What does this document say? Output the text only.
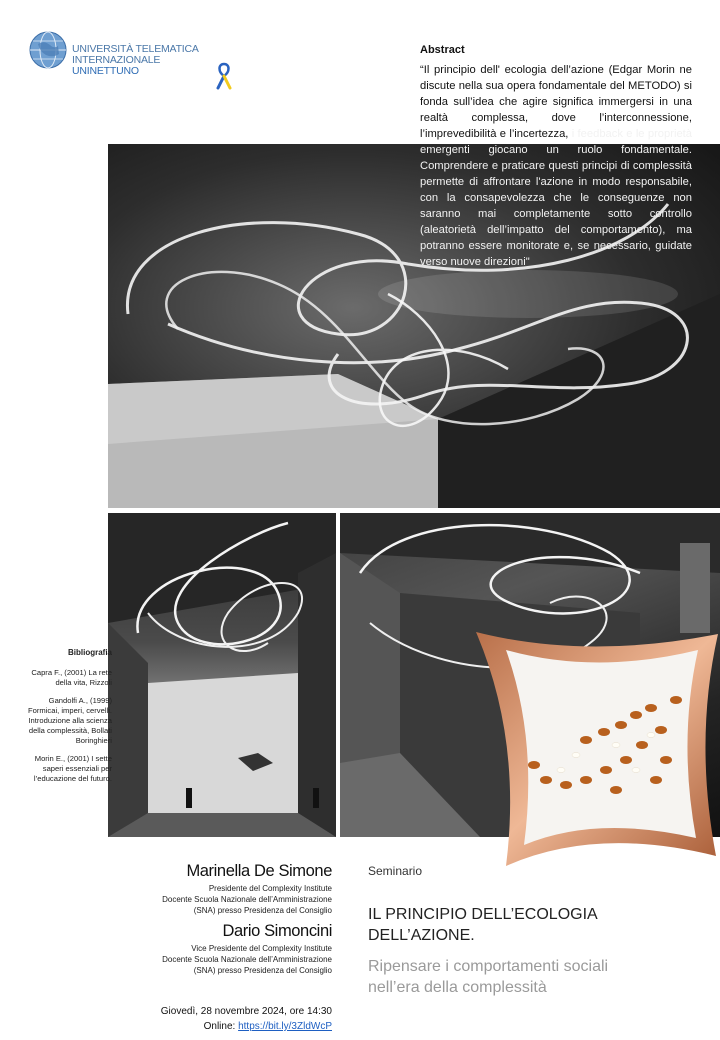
UNIVERSITÀ TELEMATICA
INTERNAZIONALE UNINETTUNO
Abstract
“Il principio dell' ecologia dell’azione (Edgar Morin ne discute nella sua opera fondamentale del METODO) si fonda sull’idea che agire significa immergersi in una realtà complessa, dove l’interconnessione, l’imprevedibilità e l’incertezza, i feedback e le proprietà emergenti giocano un ruolo fondamentale. Comprendere e praticare questi principi di complessità permette di affrontare l'azione in modo responsabile, con la consapevolezza che le conseguenze non saranno mai completamente sotto controllo (aleatorietà dell’impatto del comportamento), ma potranno essere monitorate e, se necessario, guidate verso nuove direzioni"
Bibliografia

Capra F., (2001) La rete della vita, Rizzoli

Gandolfi A., (1999) Formicai, imperi, cervelli. Introduzione alla scienza della complessità, Bollati Boringhieri

Morin E., (2001) I sette saperi essenziali per l’educazione del futuro.

Marinella De Simone
Presidente del Complexity Institute
Docente Scuola Nazionale dell’Amministrazione
(SNA) presso Presidenza del Consiglio
Dario Simoncini
Vice Presidente del Complexity Institute
Docente Scuola Nazionale dell’Amministrazione
(SNA) presso Presidenza del Consiglio
Giovedì, 28 novembre 2024, ore 14:30
Online: https://bit.ly/3ZldWcP
Seminario
IL PRINCIPIO DELL’ECOLOGIA
DELL’AZIONE.
Ripensare i comportamenti sociali
nell’era della complessità
